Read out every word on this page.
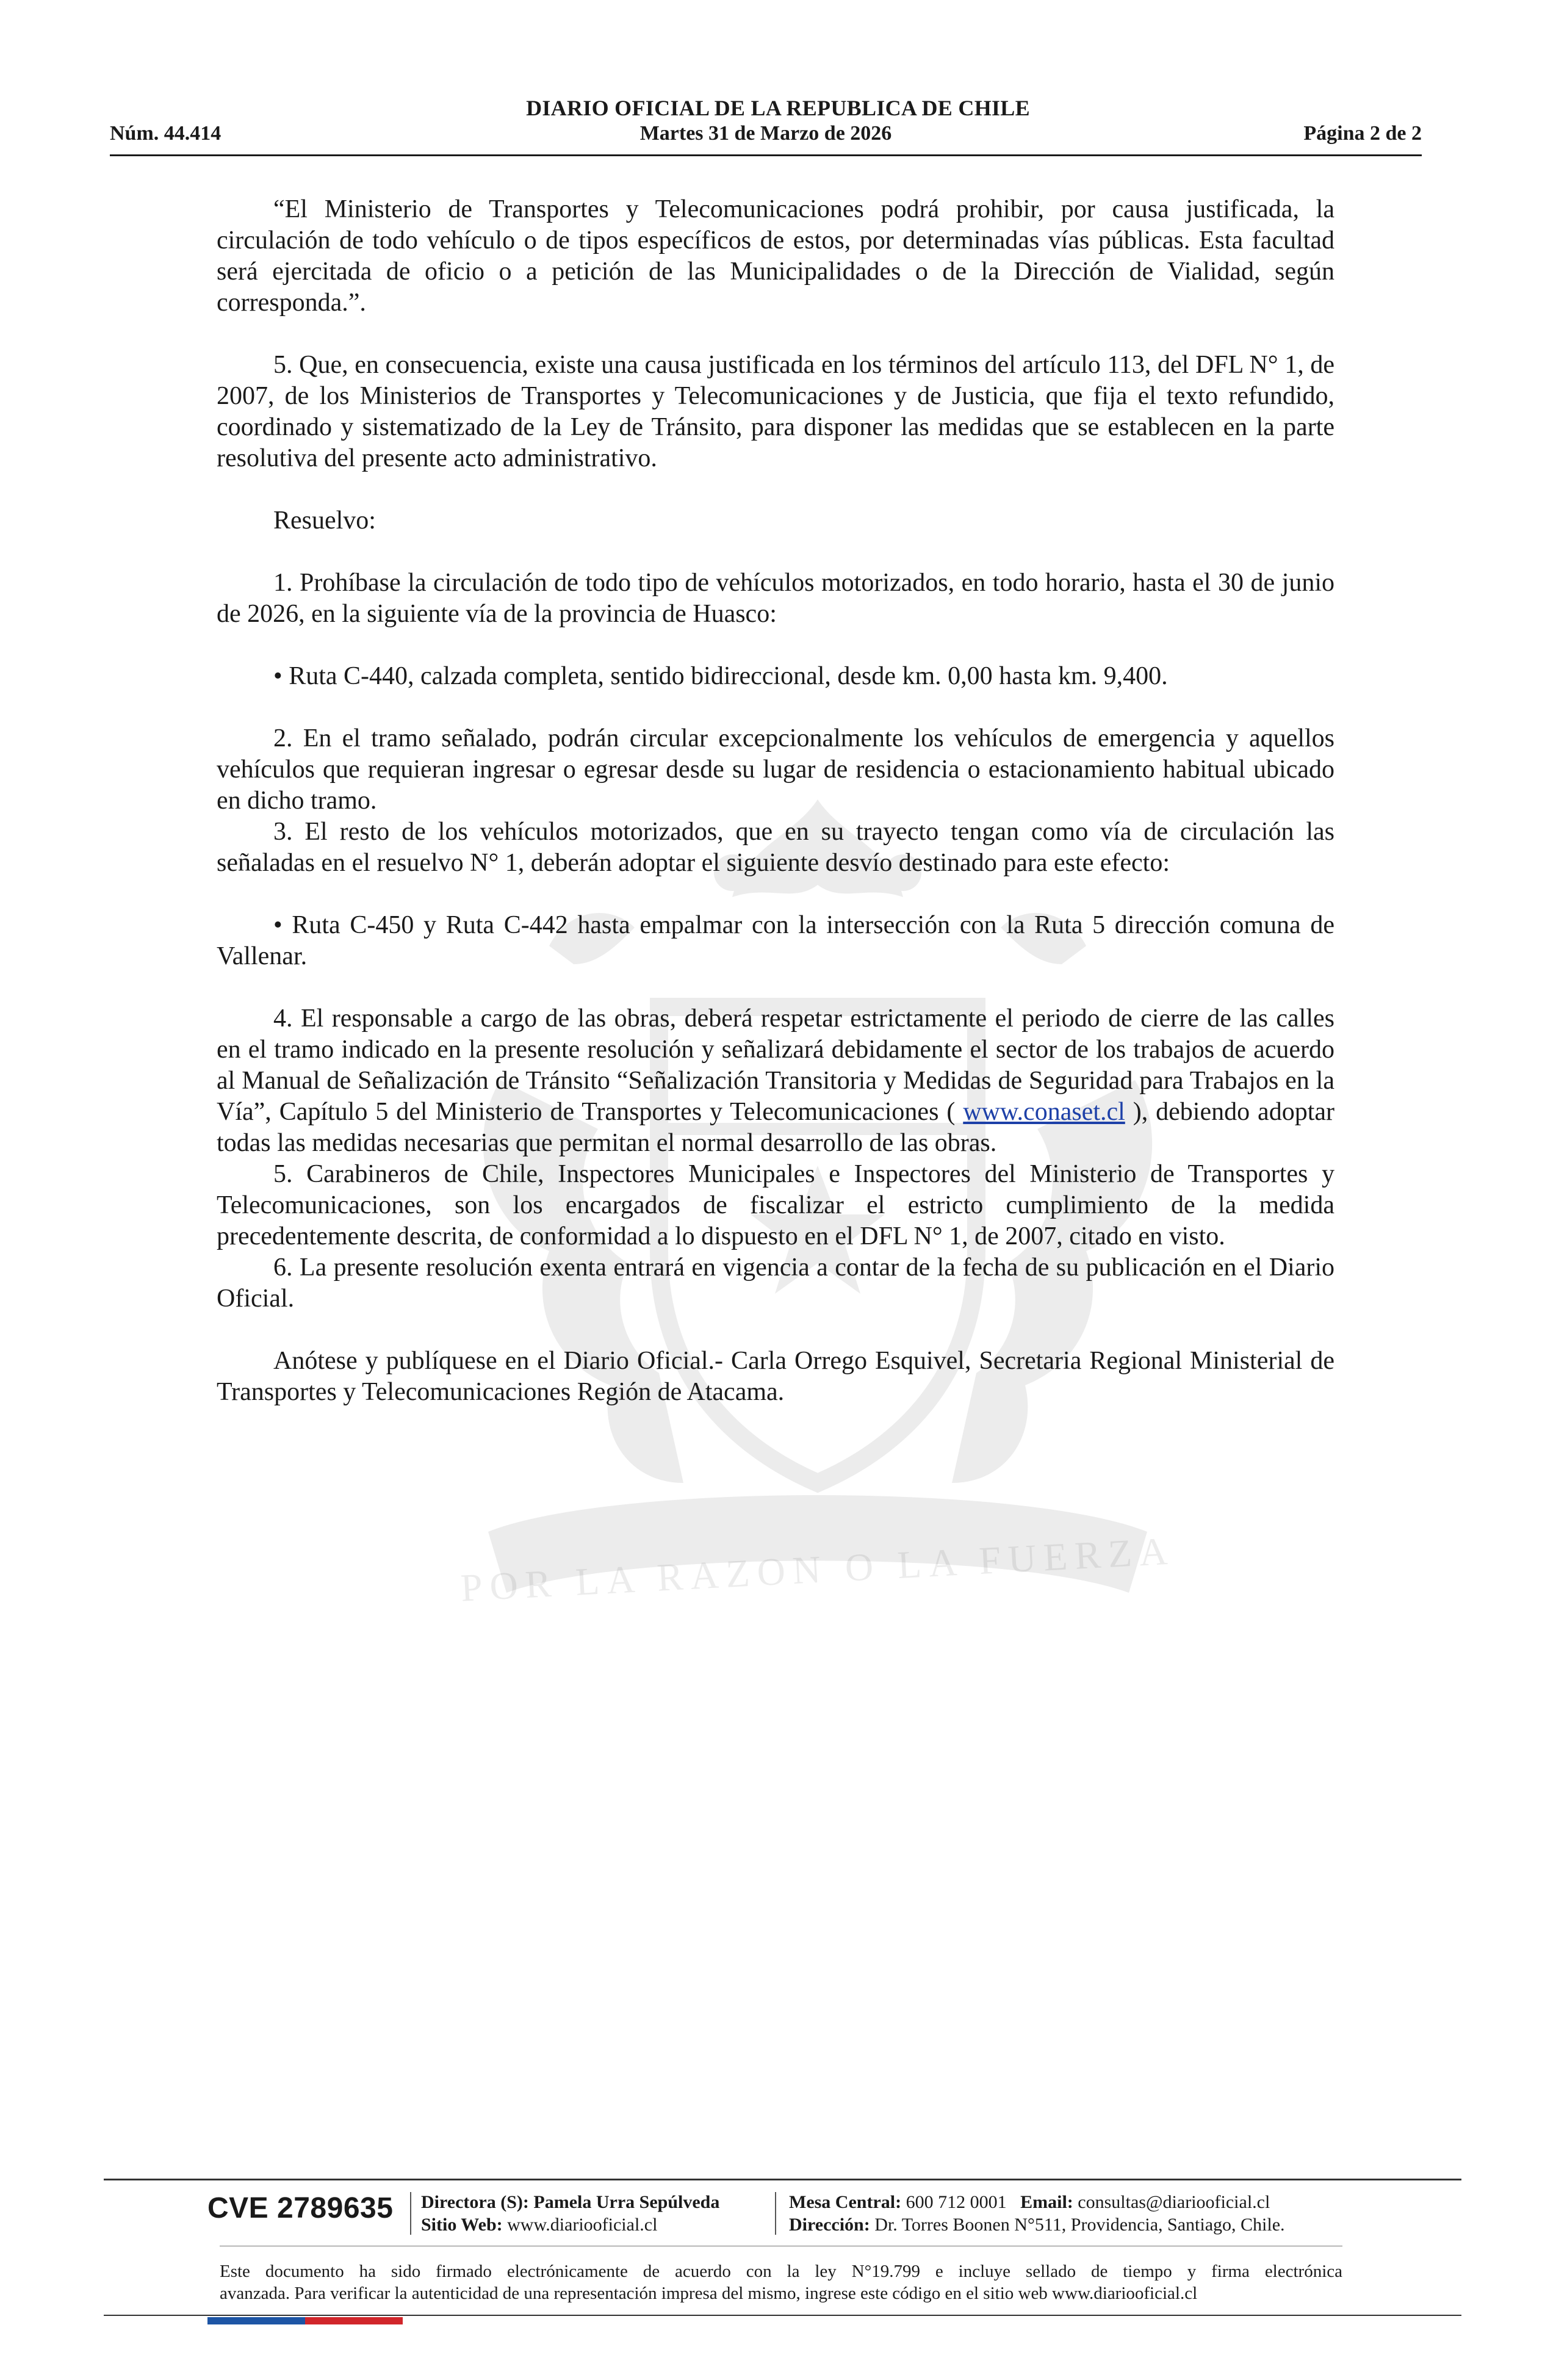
POR LA RAZON O LA FUERZA
DIARIO OFICIAL DE LA REPUBLICA DE CHILE
Núm. 44.414	Martes 31 de Marzo de 2026	Página 2 de 2

“El Ministerio de Transportes y Telecomunicaciones podrá prohibir, por causa justificada, la circulación de todo vehículo o de tipos específicos de estos, por determinadas vías públicas. Esta facultad será ejercitada de oficio o a petición de las Municipalidades o de la Dirección de Vialidad, según corresponda.”.

5. Que, en consecuencia, existe una causa justificada en los términos del artículo 113, del DFL N° 1, de 2007, de los Ministerios de Transportes y Telecomunicaciones y de Justicia, que fija el texto refundido, coordinado y sistematizado de la Ley de Tránsito, para disponer las medidas que se establecen en la parte resolutiva del presente acto administrativo.

Resuelvo:

1. Prohíbase la circulación de todo tipo de vehículos motorizados, en todo horario, hasta el 30 de junio de 2026, en la siguiente vía de la provincia de Huasco:

• Ruta C-440, calzada completa, sentido bidireccional, desde km. 0,00 hasta km. 9,400.

2. En el tramo señalado, podrán circular excepcionalmente los vehículos de emergencia y aquellos vehículos que requieran ingresar o egresar desde su lugar de residencia o estacionamiento habitual ubicado en dicho tramo.

3. El resto de los vehículos motorizados, que en su trayecto tengan como vía de circulación las señaladas en el resuelvo N° 1, deberán adoptar el siguiente desvío destinado para este efecto:

• Ruta C-450 y Ruta C-442 hasta empalmar con la intersección con la Ruta 5 dirección comuna de Vallenar.

4. El responsable a cargo de las obras, deberá respetar estrictamente el periodo de cierre de las calles en el tramo indicado en la presente resolución y señalizará debidamente el sector de los trabajos de acuerdo al Manual de Señalización de Tránsito “Señalización Transitoria y Medidas de Seguridad para Trabajos en la Vía”, Capítulo 5 del Ministerio de Transportes y Telecomunicaciones ( www.conaset.cl ), debiendo adoptar todas las medidas necesarias que permitan el normal desarrollo de las obras.

5. Carabineros de Chile, Inspectores Municipales e Inspectores del Ministerio de Transportes y Telecomunicaciones, son los encargados de fiscalizar el estricto cumplimiento de la medida precedentemente descrita, de conformidad a lo dispuesto en el DFL N° 1, de 2007, citado en visto.

6. La presente resolución exenta entrará en vigencia a contar de la fecha de su publicación en el Diario Oficial.

Anótese y publíquese en el Diario Oficial.- Carla Orrego Esquivel, Secretaria Regional Ministerial de Transportes y Telecomunicaciones Región de Atacama.

CVE 2789635 Directora (S): Pamela Urra Sepúlveda
Sitio Web: www.diariooficial.cl
Mesa Central: 600 712 0001 Email: consultas@diariooficial.cl
Dirección: Dr. Torres Boonen N°511, Providencia, Santiago, Chile.
Este documento ha sido firmado electrónicamente de acuerdo con la ley N°19.799 e incluye sellado de tiempo y firma electrónica
avanzada. Para verificar la autenticidad de una representación impresa del mismo, ingrese este código en el sitio web www.diariooficial.cl
